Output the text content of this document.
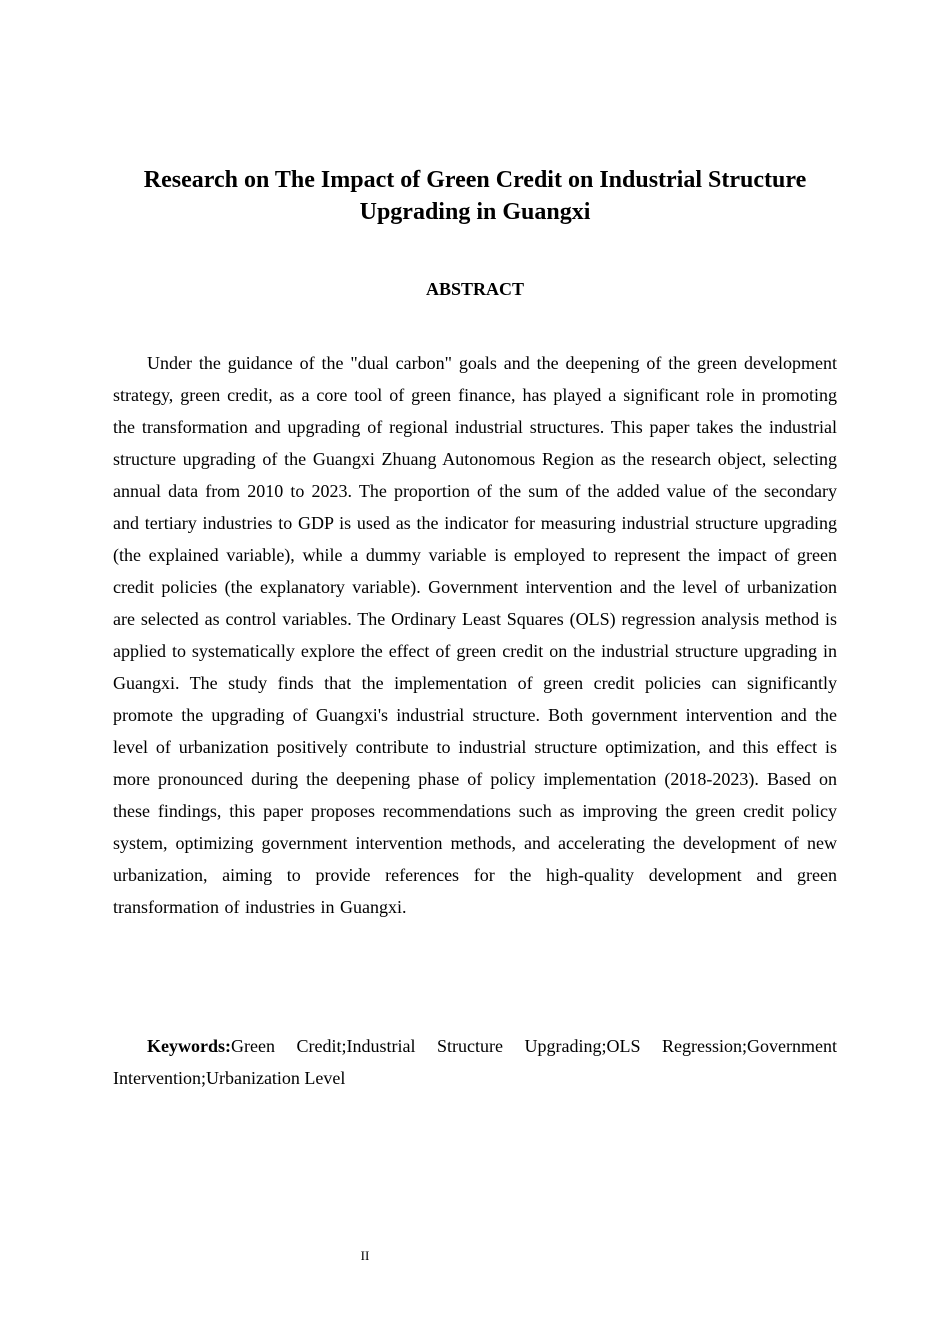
Research on The Impact of Green Credit on Industrial Structure Upgrading in Guangxi
ABSTRACT

Under the guidance of the "dual carbon" goals and the deepening of the green development strategy, green credit, as a core tool of green finance, has played a significant role in promoting the transformation and upgrading of regional industrial structures. This paper takes the industrial structure upgrading of the Guangxi Zhuang Autonomous Region as the research object, selecting annual data from 2010 to 2023. The proportion of the sum of the added value of the secondary and tertiary industries to GDP is used as the indicator for measuring industrial structure upgrading (the explained variable), while a dummy variable is employed to represent the impact of green credit policies (the explanatory variable). Government intervention and the level of urbanization are selected as control variables. The Ordinary Least Squares (OLS) regression analysis method is applied to systematically explore the effect of green credit on the industrial structure upgrading in Guangxi. The study finds that the implementation of green credit policies can significantly promote the upgrading of Guangxi's industrial structure. Both government intervention and the level of urbanization positively contribute to industrial structure optimization, and this effect is more pronounced during the deepening phase of policy implementation (2018-2023). Based on these findings, this paper proposes recommendations such as improving the green credit policy system, optimizing government intervention methods, and accelerating the development of new urbanization, aiming to provide references for the high-quality development and green transformation of industries in Guangxi.

Keywords:Green Credit;Industrial Structure Upgrading;OLS Regression;Government Intervention;Urbanization Level

II
